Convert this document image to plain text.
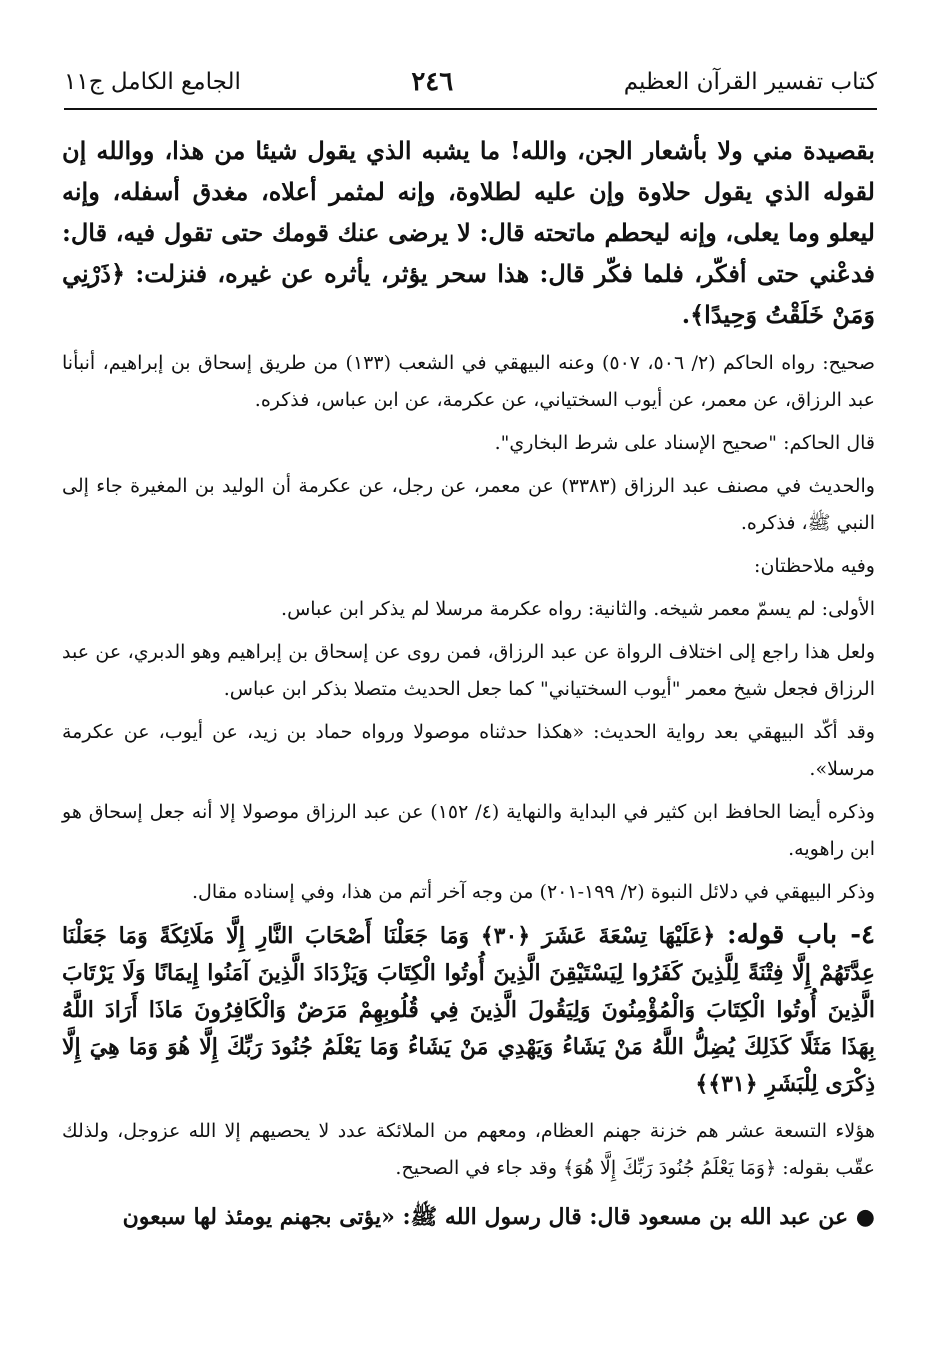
كتاب تفسير القرآن العظيم
٢٤٦
الجامع الكامل ج١١

بقصيدة مني ولا بأشعار الجن، والله! ما يشبه الذي يقول شيئا من هذا، ووالله إن لقوله الذي يقول حلاوة وإن عليه لطلاوة، وإنه لمثمر أعلاه، مغدق أسفله، وإنه ليعلو وما يعلى، وإنه ليحطم ماتحته قال: لا يرضى عنك قومك حتى تقول فيه، قال: فدعْني حتى أفكّر، فلما فكّر قال: هذا سحر يؤثر، يأثره عن غيره، فنزلت: ﴿ذَرْنِي وَمَنْ خَلَقْتُ وَحِيدًا﴾.

صحيح: رواه الحاكم (٢/ ٥٠٦، ٥٠٧) وعنه البيهقي في الشعب (١٣٣) من طريق إسحاق بن إبراهيم، أنبأنا عبد الرزاق، عن معمر، عن أيوب السختياني، عن عكرمة، عن ابن عباس، فذكره.

قال الحاكم: "صحيح الإسناد على شرط البخاري".

والحديث في مصنف عبد الرزاق (٣٣٨٣) عن معمر، عن رجل، عن عكرمة أن الوليد بن المغيرة جاء إلى النبي ﷺ، فذكره.

وفيه ملاحظتان:

الأولى: لم يسمّ معمر شيخه. والثانية: رواه عكرمة مرسلا لم يذكر ابن عباس.

ولعل هذا راجع إلى اختلاف الرواة عن عبد الرزاق، فمن روى عن إسحاق بن إبراهيم وهو الدبري، عن عبد الرزاق فجعل شيخ معمر "أيوب السختياني" كما جعل الحديث متصلا بذكر ابن عباس.

وقد أكّد البيهقي بعد رواية الحديث: «هكذا حدثناه موصولا ورواه حماد بن زيد، عن أيوب، عن عكرمة مرسلا».

وذكره أيضا الحافظ ابن كثير في البداية والنهاية (٤/ ١٥٢) عن عبد الرزاق موصولا إلا أنه جعل إسحاق هو ابن راهويه.

وذكر البيهقي في دلائل النبوة (٢/ ١٩٩-٢٠١) من وجه آخر أتم من هذا، وفي إسناده مقال.

٤- باب قوله: ﴿عَلَيْهَا تِسْعَةَ عَشَرَ ﴿٣٠﴾ وَمَا جَعَلْنَا أَصْحَابَ النَّارِ إِلَّا مَلَائِكَةً وَمَا جَعَلْنَا عِدَّتَهُمْ إِلَّا فِتْنَةً لِلَّذِينَ كَفَرُوا لِيَسْتَيْقِنَ الَّذِينَ أُوتُوا الْكِتَابَ وَيَزْدَادَ الَّذِينَ آمَنُوا إِيمَانًا وَلَا يَرْتَابَ الَّذِينَ أُوتُوا الْكِتَابَ وَالْمُؤْمِنُونَ وَلِيَقُولَ الَّذِينَ فِي قُلُوبِهِمْ مَرَضٌ وَالْكَافِرُونَ مَاذَا أَرَادَ اللَّهُ بِهَذَا مَثَلًا كَذَلِكَ يُضِلُّ اللَّهُ مَنْ يَشَاءُ وَيَهْدِي مَنْ يَشَاءُ وَمَا يَعْلَمُ جُنُودَ رَبِّكَ إِلَّا هُوَ وَمَا هِيَ إِلَّا ذِكْرَى لِلْبَشَرِ ﴿٣١﴾﴾

هؤلاء التسعة عشر هم خزنة جهنم العظام، ومعهم من الملائكة عدد لا يحصيهم إلا الله عزوجل، ولذلك عقّب بقوله: ﴿وَمَا يَعْلَمُ جُنُودَ رَبِّكَ إِلَّا هُوَ﴾ وقد جاء في الصحيح.

● عن عبد الله بن مسعود قال: قال رسول الله ﷺ: «يؤتى بجهنم يومئذ لها سبعون
